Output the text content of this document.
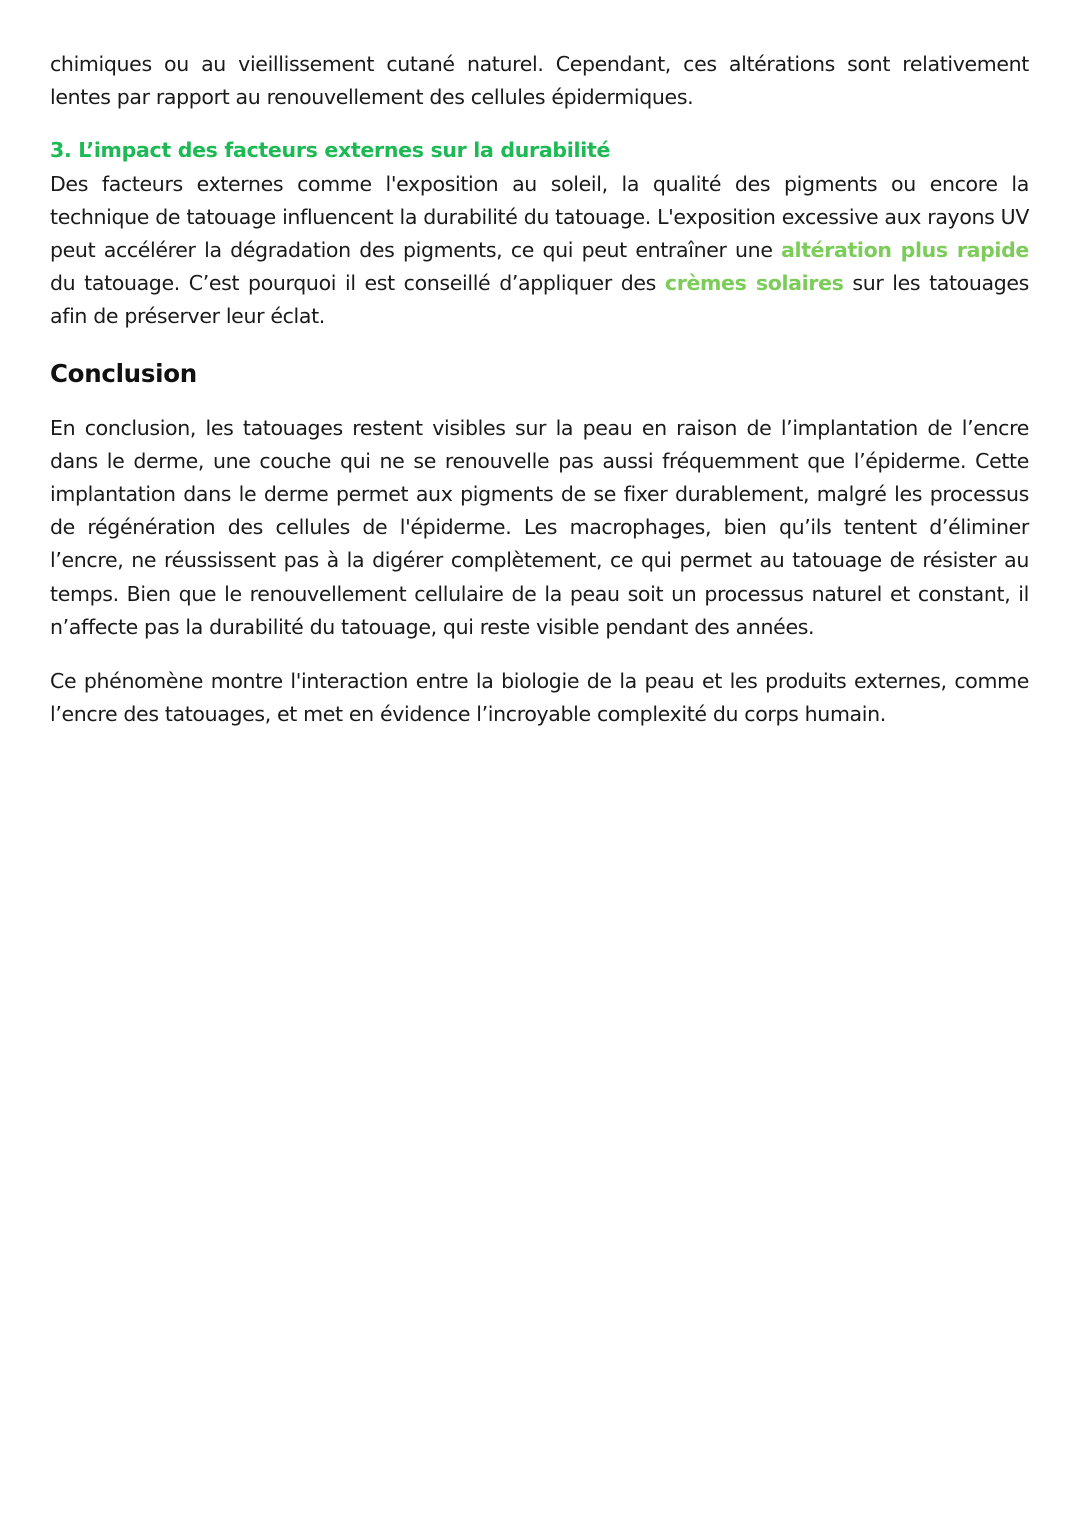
chimiques ou au vieillissement cutané naturel. Cependant, ces altérations sont relativement lentes par rapport au renouvellement des cellules épidermiques.

3. L’impact des facteurs externes sur la durabilité

Des facteurs externes comme l'exposition au soleil, la qualité des pigments ou encore la technique de tatouage influencent la durabilité du tatouage. L'exposition excessive aux rayons UV peut accélérer la dégradation des pigments, ce qui peut entraîner une altération plus rapide du tatouage. C’est pourquoi il est conseillé d’appliquer des crèmes solaires sur les tatouages afin de préserver leur éclat.

Conclusion

En conclusion, les tatouages restent visibles sur la peau en raison de l’implantation de l’encre dans le derme, une couche qui ne se renouvelle pas aussi fréquemment que l’épiderme. Cette implantation dans le derme permet aux pigments de se fixer durablement, malgré les processus de régénération des cellules de l'épiderme. Les macrophages, bien qu’ils tentent d’éliminer l’encre, ne réussissent pas à la digérer complètement, ce qui permet au tatouage de résister au temps. Bien que le renouvellement cellulaire de la peau soit un processus naturel et constant, il n’affecte pas la durabilité du tatouage, qui reste visible pendant des années.

Ce phénomène montre l'interaction entre la biologie de la peau et les produits externes, comme l’encre des tatouages, et met en évidence l’incroyable complexité du corps humain.
